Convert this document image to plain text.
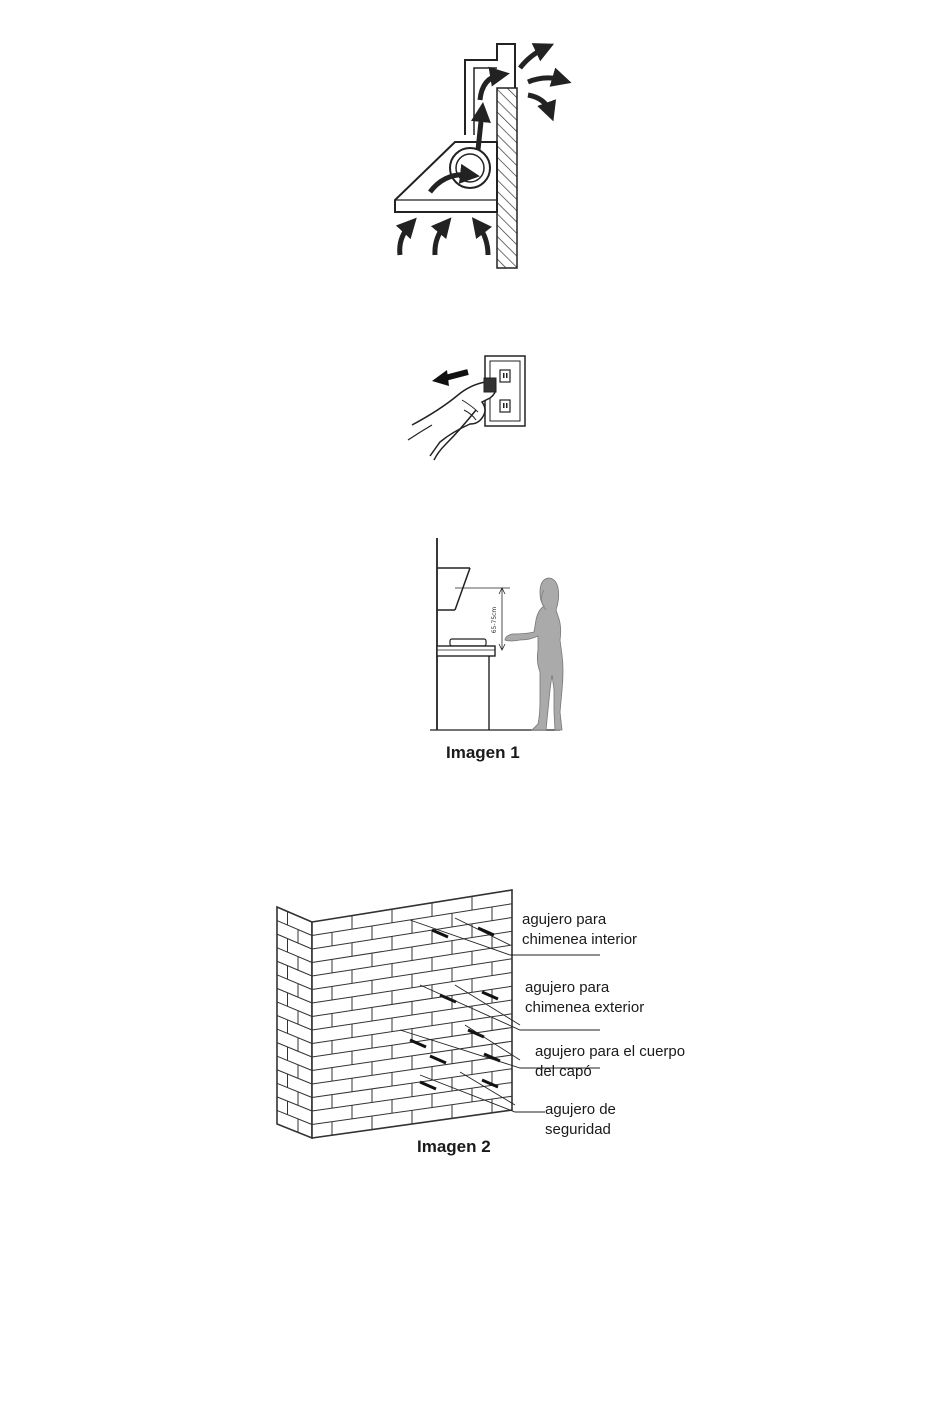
65-75cm
Imagen 1
agujero para
chimenea interior
agujero para
chimenea exterior
agujero para el cuerpo
del capó
agujero de
seguridad
Imagen 2
